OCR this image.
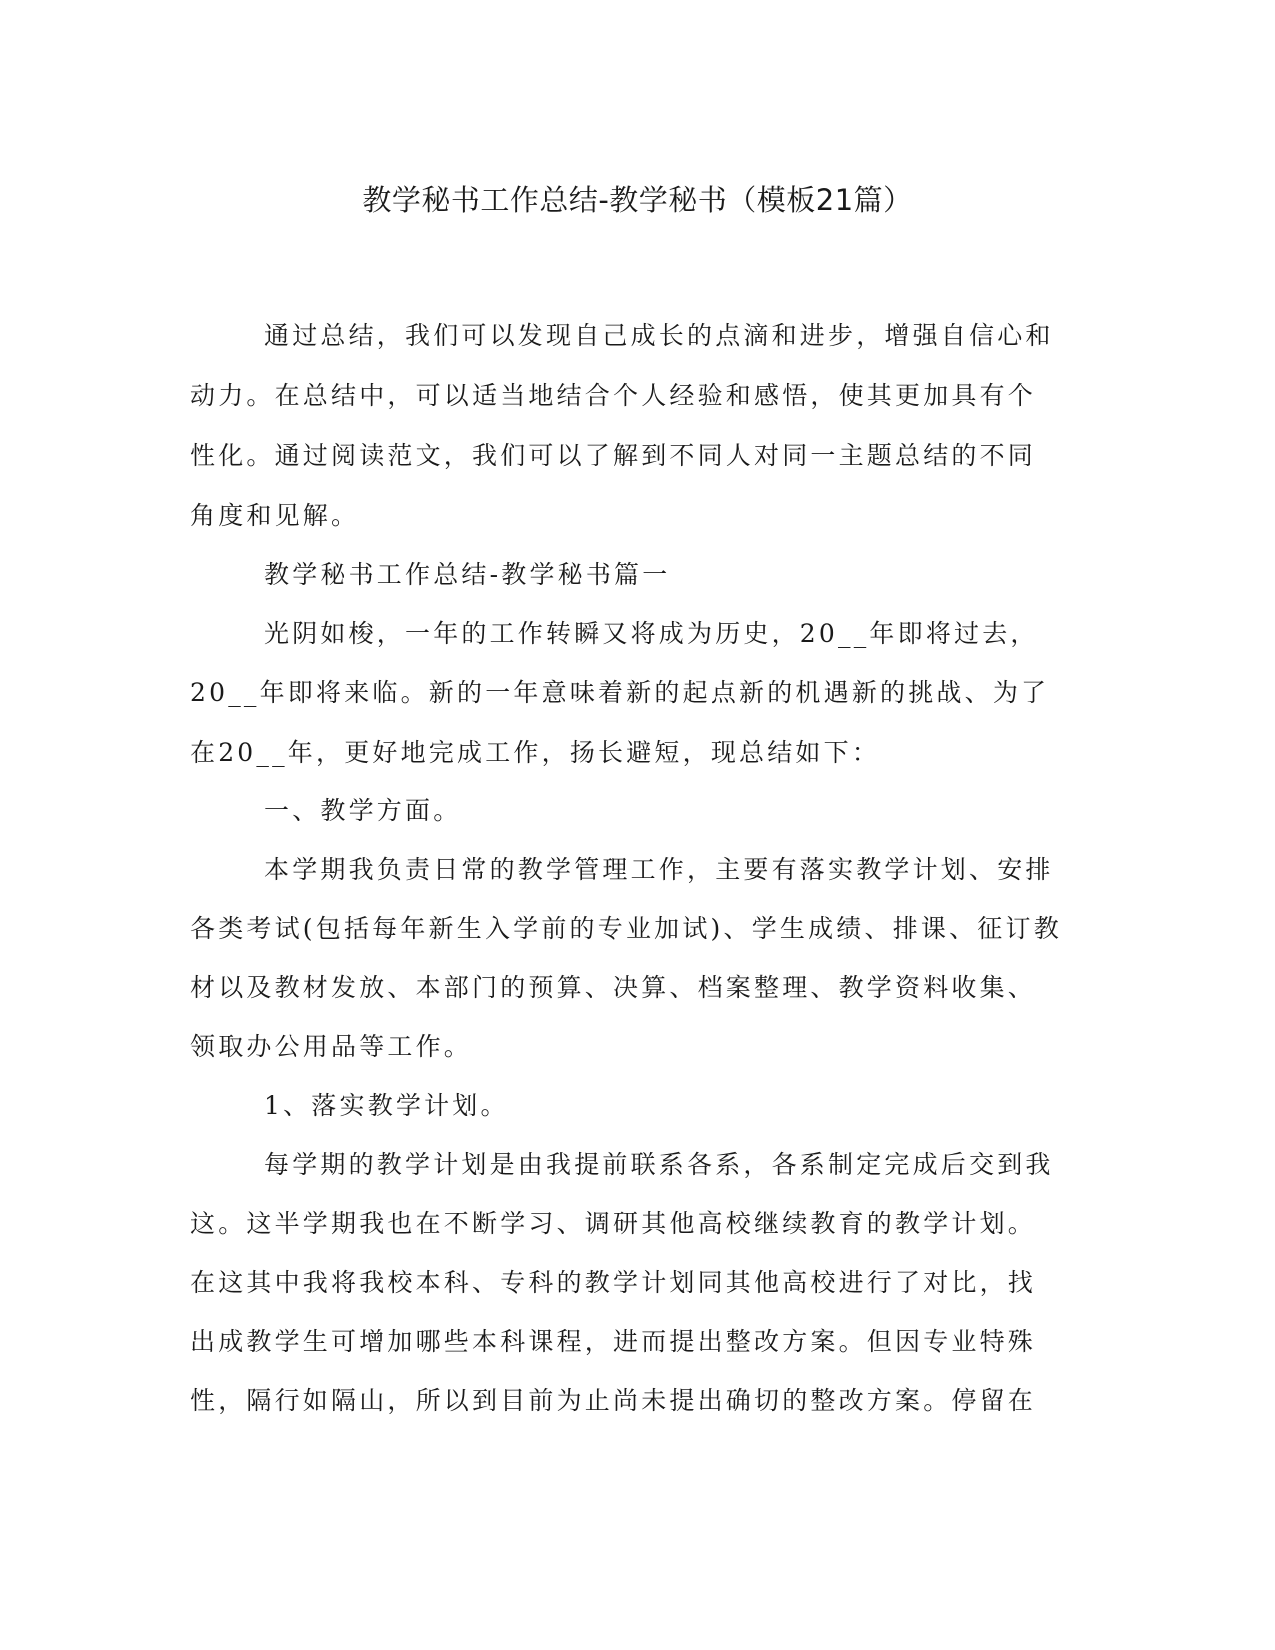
教学秘书工作总结-教学秘书（模板21篇）

通过总结，我们可以发现自己成长的点滴和进步，增强自信心和

动力。在总结中，可以适当地结合个人经验和感悟，使其更加具有个

性化。通过阅读范文，我们可以了解到不同人对同一主题总结的不同

角度和见解。

教学秘书工作总结-教学秘书篇一

光阴如梭，一年的工作转瞬又将成为历史，20__年即将过去，

20__年即将来临。新的一年意味着新的起点新的机遇新的挑战、为了

在20__年，更好地完成工作，扬长避短，现总结如下：

一、教学方面。

本学期我负责日常的教学管理工作，主要有落实教学计划、安排

各类考试(包括每年新生入学前的专业加试)、学生成绩、排课、征订教

材以及教材发放、本部门的预算、决算、档案整理、教学资料收集、

领取办公用品等工作。

1、落实教学计划。

每学期的教学计划是由我提前联系各系，各系制定完成后交到我

这。这半学期我也在不断学习、调研其他高校继续教育的教学计划。

在这其中我将我校本科、专科的教学计划同其他高校进行了对比，找

出成教学生可增加哪些本科课程，进而提出整改方案。但因专业特殊

性，隔行如隔山，所以到目前为止尚未提出确切的整改方案。停留在
